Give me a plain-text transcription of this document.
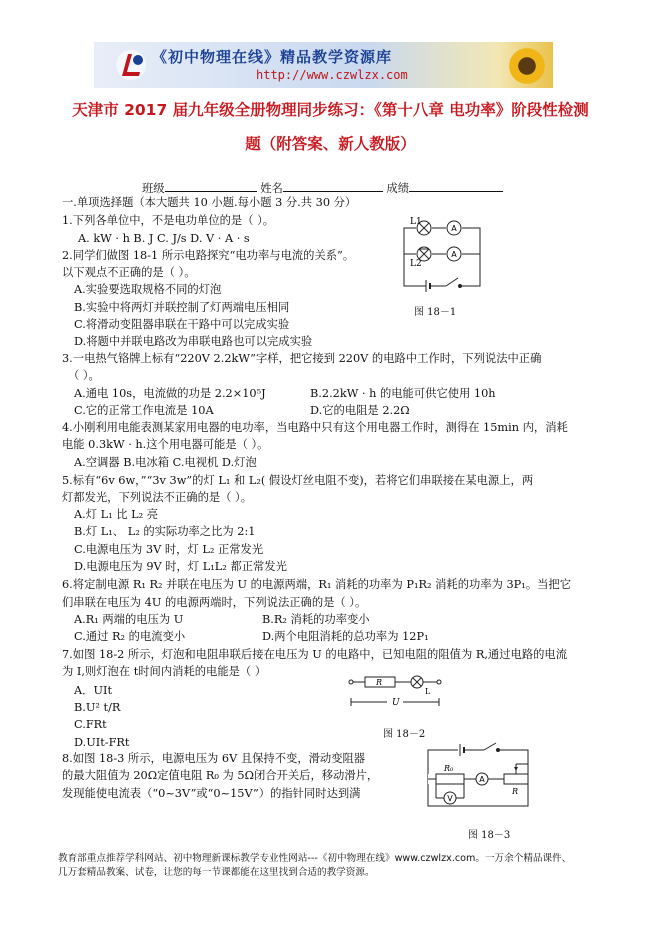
《初中物理在线》精品教学资源库
http://www.czwlzx.com
天津市 2017 届九年级全册物理同步练习：《第十八章 电功率》阶段性检测
题（附答案、新人教版）
班级	姓名	成绩
一.单项选择题（本大题共 10 小题.每小题 3 分.共 30 分）
1.下列各单位中，不是电功单位的是（ ）。
A. kW · h B. J C. J/s D. V · A · s
2.同学们做图 18-1 所示电路探究“电功率与电流的关系”。
以下观点不正确的是（ ）。
A.实验要选取规格不同的灯泡
B.实验中将两灯并联控制了灯两端电压相同
C.将滑动变阻器串联在干路中可以完成实验
D.将题中并联电路改为串联电路也可以完成实验
A
A
L1
L2
图 18－1
3.一电热气铬牌上标有“220V 2.2kW”字样，把它接到 220V 的电路中工作时，下列说法中正确
（ ）。
A.通电 10s，电流做的功是 2.2×10⁵J	B.2.2kW · h 的电能可供它使用 10h
C.它的正常工作电流是 10A	D.它的电阻是 2.2Ω
4.小刚利用电能表测某家用电器的电功率，当电路中只有这个用电器工作时，测得在 15min 内，消耗
电能 0.3kW · h.这个用电器可能是（ ）。
A.空调器 B.电冰箱 C.电视机 D.灯泡
5.标有“6v 6w，”“3v 3w”的灯 L₁ 和 L₂( 假设灯丝电阻不变)，若将它们串联接在某电源上，两
灯都发光，下列说法不正确的是（ ）。
A.灯 L₁ 比 L₂ 亮
B.灯 L₁、 L₂ 的实际功率之比为 2:1
C.电源电压为 3V 时，灯 L₂ 正常发光
D.电源电压为 9V 时，灯 L₁L₂ 都正常发光
6.将定制电源 R₁ R₂ 并联在电压为 U 的电源两端，R₁ 消耗的功率为 P₁R₂ 消耗的功率为 3P₁。当把它
们串联在电压为 4U 的电源两端时，下列说法正确的是（ ）。
A.R₁ 两端的电压为 U	B.R₂ 消耗的功率变小
C.通过 R₂ 的电流变小	D.两个电阻消耗的总功率为 12P₁
7.如图 18-2 所示，灯泡和电阻串联后接在电压为 U 的电路中，已知电阻的阻值为 R,通过电路的电流
为 I,则灯泡在 t时间内消耗的电能是（ ）
A．UIt
B.U² t/R
C.FRt
D.UIt-FRt
R
L
U
图 18－2
8.如图 18-3 所示，电源电压为 6V 且保持不变，滑动变阻器
的最大阻值为 20Ω定值电阻 R₀ 为 5Ω闭合开关后，移动滑片，
发现能使电流表（“0~3V”或“0~15V”）的指针同时达到满
R₀
A
R
V
图 18－3
教育部重点推荐学科网站、初中物理新课标教学专业性网站---《初中物理在线》www.czwlzx.com。一万余个精品课件、
几万套精品教案、试卷，让您的每一节课都能在这里找到合适的教学资源。
